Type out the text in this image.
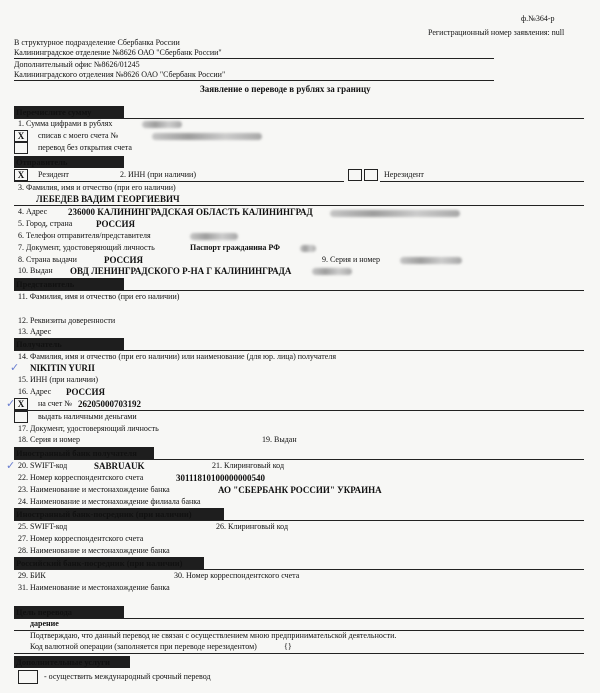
ф.№364-р
Регистрационный номер заявления: null
В структурное подразделение Сбербанка России
Калининградское отделение №8626 ОАО "Сбербанк России"
Дополнительный офис №8626/01245
Калининградского отделения №8626 ОАО "Сбербанк России"
Заявление о переводе в рублях за границу
Перечислите сумму
1. Сумма цифрами в рублях
X	списав с моего счета №
перевод без открытия счета
Отправитель
X	Резидент	2. ИНН (при наличии)	Нерезидент
3. Фамилия, имя и отчество (при его наличии)
ЛЕБЕДЕВ ВАДИМ ГЕОРГИЕВИЧ
4. Адрес 236000 КАЛИНИНГРАДСКАЯ ОБЛАСТЬ КАЛИНИНГРАД
5. Город, страна	РОССИЯ
6. Телефон отправителя/представителя
7. Документ, удостоверяющий личность	Паспорт гражданина РФ
8. Страна выдачи	РОССИЯ	9. Серия и номер
10. Выдан ОВД ЛЕНИНГРАДСКОГО Р-НА Г КАЛИНИНГРАДА
Представитель
11. Фамилия, имя и отчество (при его наличии)
12. Реквизиты доверенности
13. Адрес
Получатель
14. Фамилия, имя и отчество (при его наличии) или наименование (для юр. лица) получателя
✓ NIKITIN YURII
15. ИНН (при наличии)
16. Адрес РОССИЯ
✓ X	на счет № 26205000703192
выдать наличными деньгами
17. Документ, удостоверяющий личность
18. Серия и номер	19. Выдан
Иностранный банк получателя
✓ 20. SWIFT-код	SABRUAUK	21. Клиринговый код
22. Номер корреспондентского счета	30111810100000000540
23. Наименование и местонахождение банка	АО "СБЕРБАНК РОССИИ" УКРАИНА
24. Наименование и местонахождение филиала банка
Иностранный банк-посредник (при наличии)
25. SWIFT-код	26. Клиринговый код
27. Номер корреспондентского счета
28. Наименование и местонахождение банка
Российский банк-посредник (при наличии)
29. БИК	30. Номер корреспондентского счета
31. Наименование и местонахождение банка
Цель перевода
дарение
Подтверждаю, что данный перевод не связан с осуществлением мною предпринимательской деятельности.
Код валютной операции (заполняется при переводе нерезидентом)	{}
Дополнительные услуги
- осуществить международный срочный перевод
